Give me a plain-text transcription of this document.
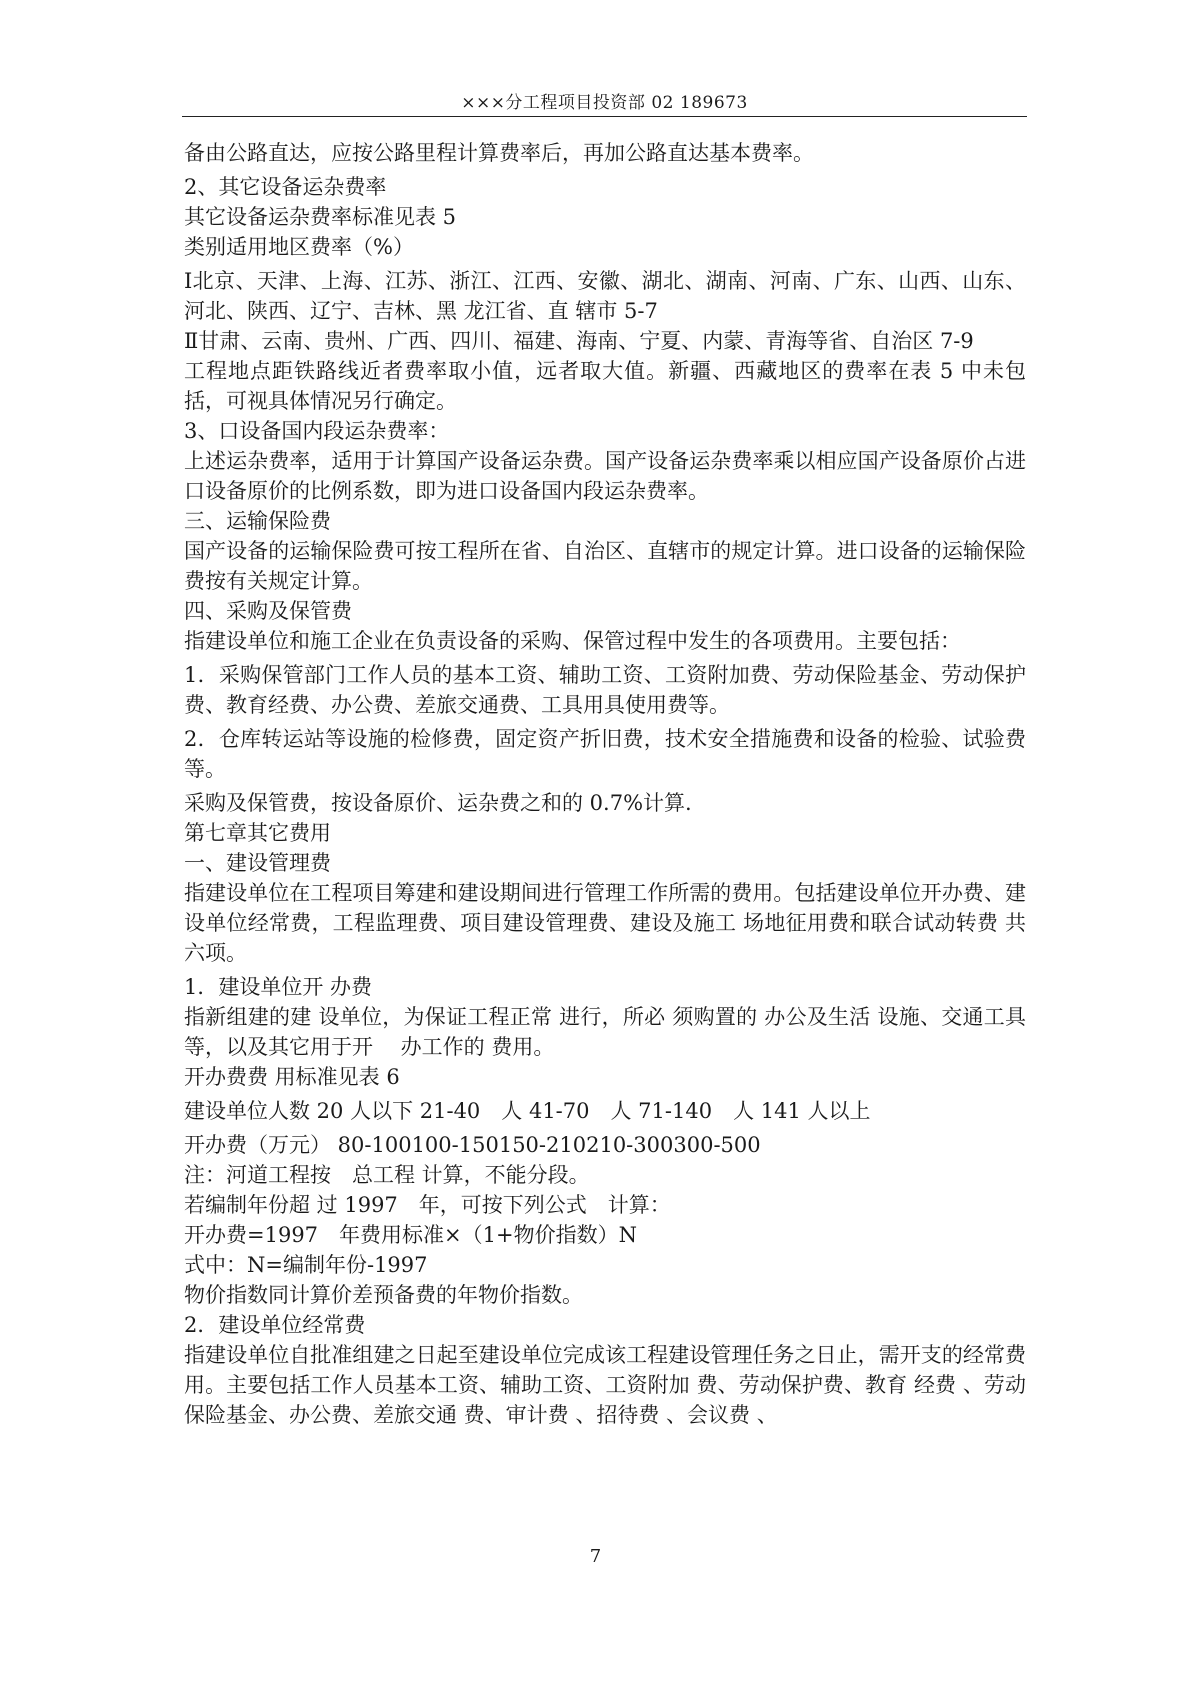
×××分工程项目投资部 02 189673

备由公路直达，应按公路里程计算费率后，再加公路直达基本费率。

2、其它设备运杂费率

其它设备运杂费率标准见表 5

类别适用地区费率（%）

Ⅰ北京、天津、上海、江苏、浙江、江西、安徽、湖北、湖南、河南、广东、山西、山东、河北、陕西、辽宁、吉林、黑 龙江省、直 辖市 5-7

Ⅱ甘肃、云南、贵州、广西、四川、福建、海南、宁夏、内蒙、青海等省、自治区 7-9

工程地点距铁路线近者费率取小值，远者取大值。新疆、西藏地区的费率在表 5 中未包括，可视具体情况另行确定。

3、口设备国内段运杂费率：

上述运杂费率，适用于计算国产设备运杂费。国产设备运杂费率乘以相应国产设备原价占进口设备原价的比例系数，即为进口设备国内段运杂费率。

三、运输保险费

国产设备的运输保险费可按工程所在省、自治区、直辖市的规定计算。进口设备的运输保险费按有关规定计算。

四、采购及保管费

指建设单位和施工企业在负责设备的采购、保管过程中发生的各项费用。主要包括：

1．采购保管部门工作人员的基本工资、辅助工资、工资附加费、劳动保险基金、劳动保护费、教育经费、办公费、差旅交通费、工具用具使用费等。

2．仓库转运站等设施的检修费，固定资产折旧费，技术安全措施费和设备的检验、试验费等。

采购及保管费，按设备原价、运杂费之和的 0.7%计算.

第七章其它费用

一、建设管理费

指建设单位在工程项目筹建和建设期间进行管理工作所需的费用。包括建设单位开办费、建设单位经常费，工程监理费、项目建设管理费、建设及施工 场地征用费和联合试动转费 共六项。

1．建设单位开 办费

指新组建的建 设单位，为保证工程正常 进行，所必 须购置的 办公及生活 设施、交通工具等，以及其它用于开　 办工作的 费用。

开办费费 用标准见表 6

建设单位人数 20 人以下 21-40　人 41-70　人 71-140　人 141 人以上

开办费（万元） 80-100100-150150-210210-300300-500

注：河道工程按　总工程 计算，不能分段。

若编制年份超 过 1997　年，可按下列公式　计算：

开办费=1997　年费用标准×（1+物价指数）N

式中：N=编制年份-1997

物价指数同计算价差预备费的年物价指数。

2．建设单位经常费

指建设单位自批准组建之日起至建设单位完成该工程建设管理任务之日止，需开支的经常费用。主要包括工作人员基本工资、辅助工资、工资附加 费、劳动保护费、教育 经费 、劳动保险基金、办公费、差旅交通 费、审计费 、招待费 、会议费 、

7
